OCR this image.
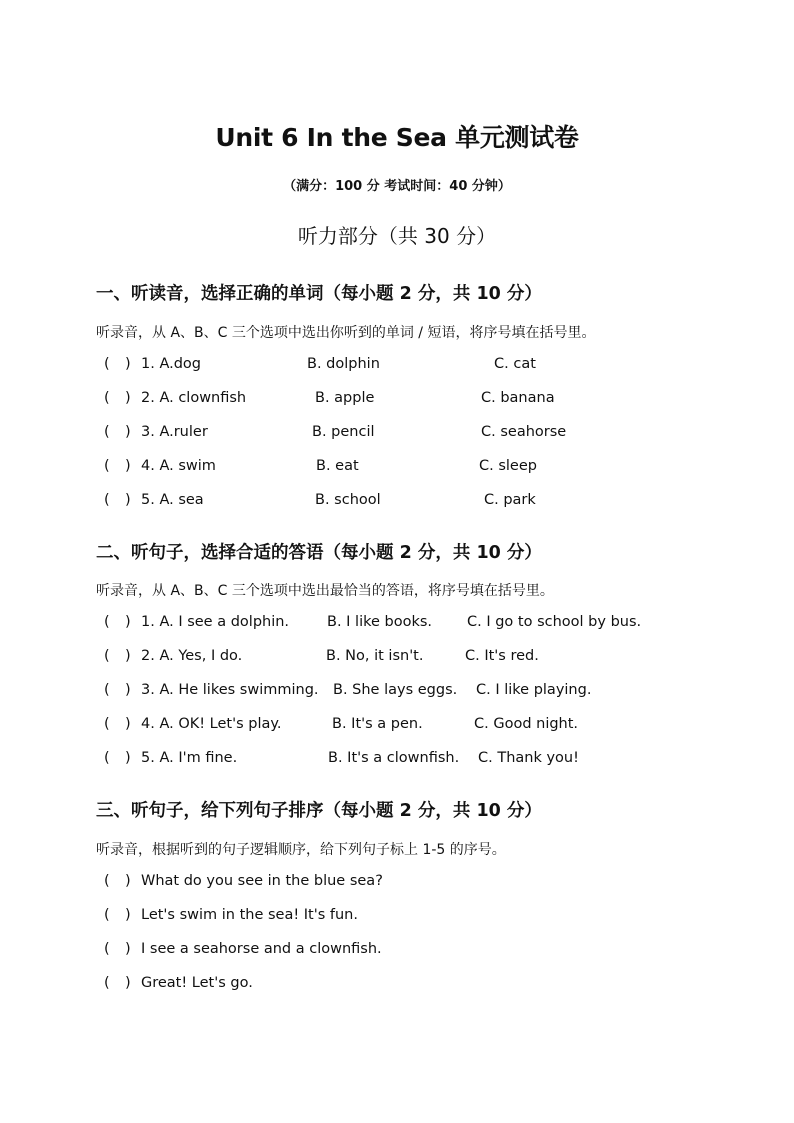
Unit 6 In the Sea 单元测试卷
（满分：100 分 考试时间：40 分钟）
听力部分（共 30 分）
一、听读音，选择正确的单词（每小题 2 分，共 10 分）
听录音，从 A、B、C 三个选项中选出你听到的单词 / 短语，将序号填在括号里。
( ) 1. A.dog	B. dolphin	C. cat
( ) 2. A. clownfish	B. apple	C. banana
( ) 3. A.ruler	B. pencil	C. seahorse
( ) 4. A. swim	B. eat	C. sleep
( ) 5. A. sea	B. school	C. park
二、听句子，选择合适的答语（每小题 2 分，共 10 分）
听录音，从 A、B、C 三个选项中选出最恰当的答语，将序号填在括号里。
( ) 1. A. I see a dolphin.	B. I like books. C. I go to school by bus.
( ) 2. A. Yes, I do.	B. No, it isn't.	C. It's red.
( ) 3. A. He likes swimming. B. She lays eggs. C. I like playing.
( ) 4. A. OK! Let's play.	B. It's a pen.	C. Good night.
( ) 5. A. I'm fine.	B. It's a clownfish. C. Thank you!
三、听句子，给下列句子排序（每小题 2 分，共 10 分）
听录音，根据听到的句子逻辑顺序，给下列句子标上 1-5 的序号。
( ) What do you see in the blue sea?
( ) Let's swim in the sea! It's fun.
( ) I see a seahorse and a clownfish.
( ) Great! Let's go.
